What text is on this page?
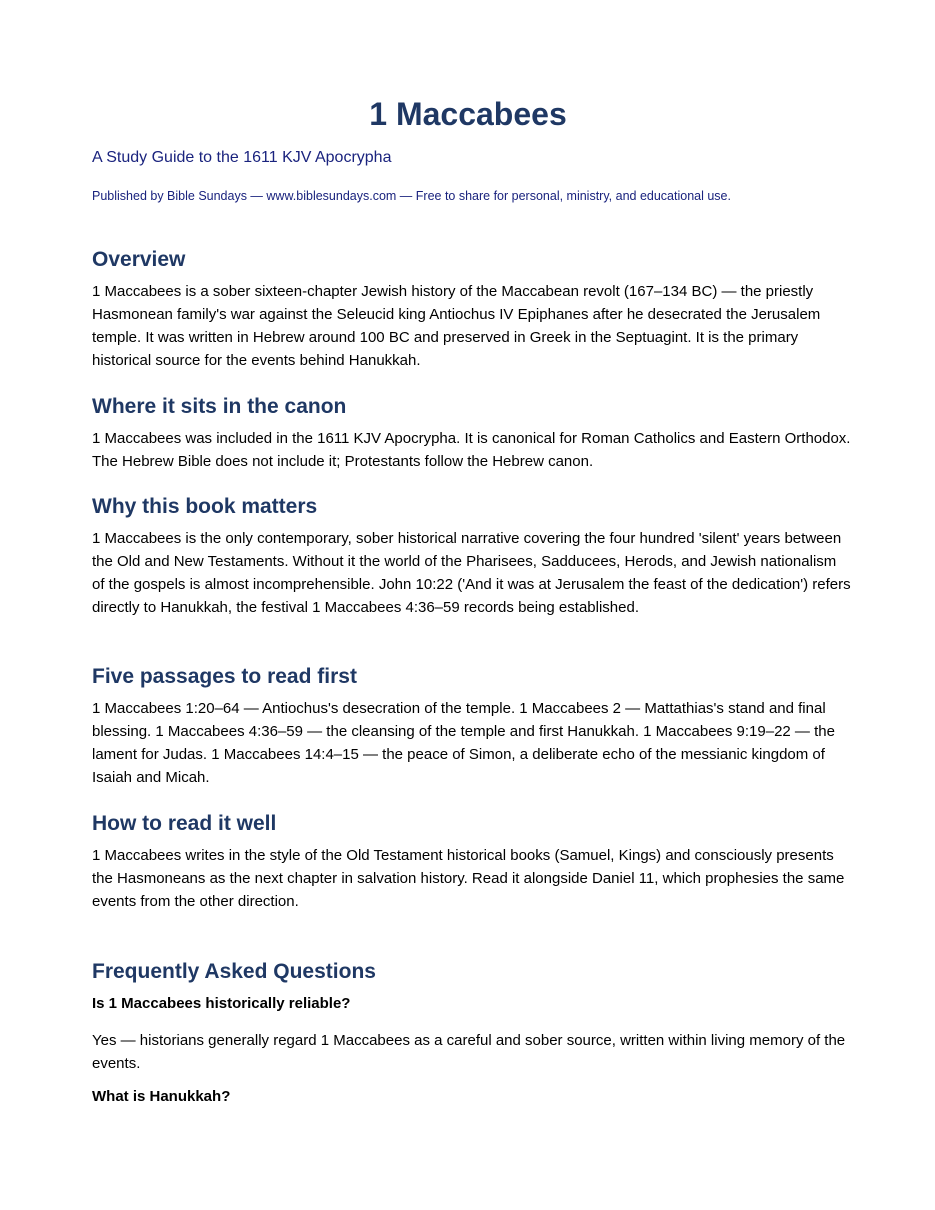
1 Maccabees
A Study Guide to the 1611 KJV Apocrypha
Published by Bible Sundays — www.biblesundays.com — Free to share for personal, ministry, and educational use.
Overview

1 Maccabees is a sober sixteen-chapter Jewish history of the Maccabean revolt (167–134 BC) — the priestly Hasmonean family's war against the Seleucid king Antiochus IV Epiphanes after he desecrated the Jerusalem temple. It was written in Hebrew around 100 BC and preserved in Greek in the Septuagint. It is the primary historical source for the events behind Hanukkah.

Where it sits in the canon

1 Maccabees was included in the 1611 KJV Apocrypha. It is canonical for Roman Catholics and Eastern Orthodox. The Hebrew Bible does not include it; Protestants follow the Hebrew canon.

Why this book matters

1 Maccabees is the only contemporary, sober historical narrative covering the four hundred 'silent' years between the Old and New Testaments. Without it the world of the Pharisees, Sadducees, Herods, and Jewish nationalism of the gospels is almost incomprehensible. John 10:22 ('And it was at Jerusalem the feast of the dedication') refers directly to Hanukkah, the festival 1 Maccabees 4:36–59 records being established.

Five passages to read first

1 Maccabees 1:20–64 — Antiochus's desecration of the temple. 1 Maccabees 2 — Mattathias's stand and final blessing. 1 Maccabees 4:36–59 — the cleansing of the temple and first Hanukkah. 1 Maccabees 9:19–22 — the lament for Judas. 1 Maccabees 14:4–15 — the peace of Simon, a deliberate echo of the messianic kingdom of Isaiah and Micah.

How to read it well

1 Maccabees writes in the style of the Old Testament historical books (Samuel, Kings) and consciously presents the Hasmoneans as the next chapter in salvation history. Read it alongside Daniel 11, which prophesies the same events from the other direction.

Frequently Asked Questions
Is 1 Maccabees historically reliable?

Yes — historians generally regard 1 Maccabees as a careful and sober source, written within living memory of the events.

What is Hanukkah?
